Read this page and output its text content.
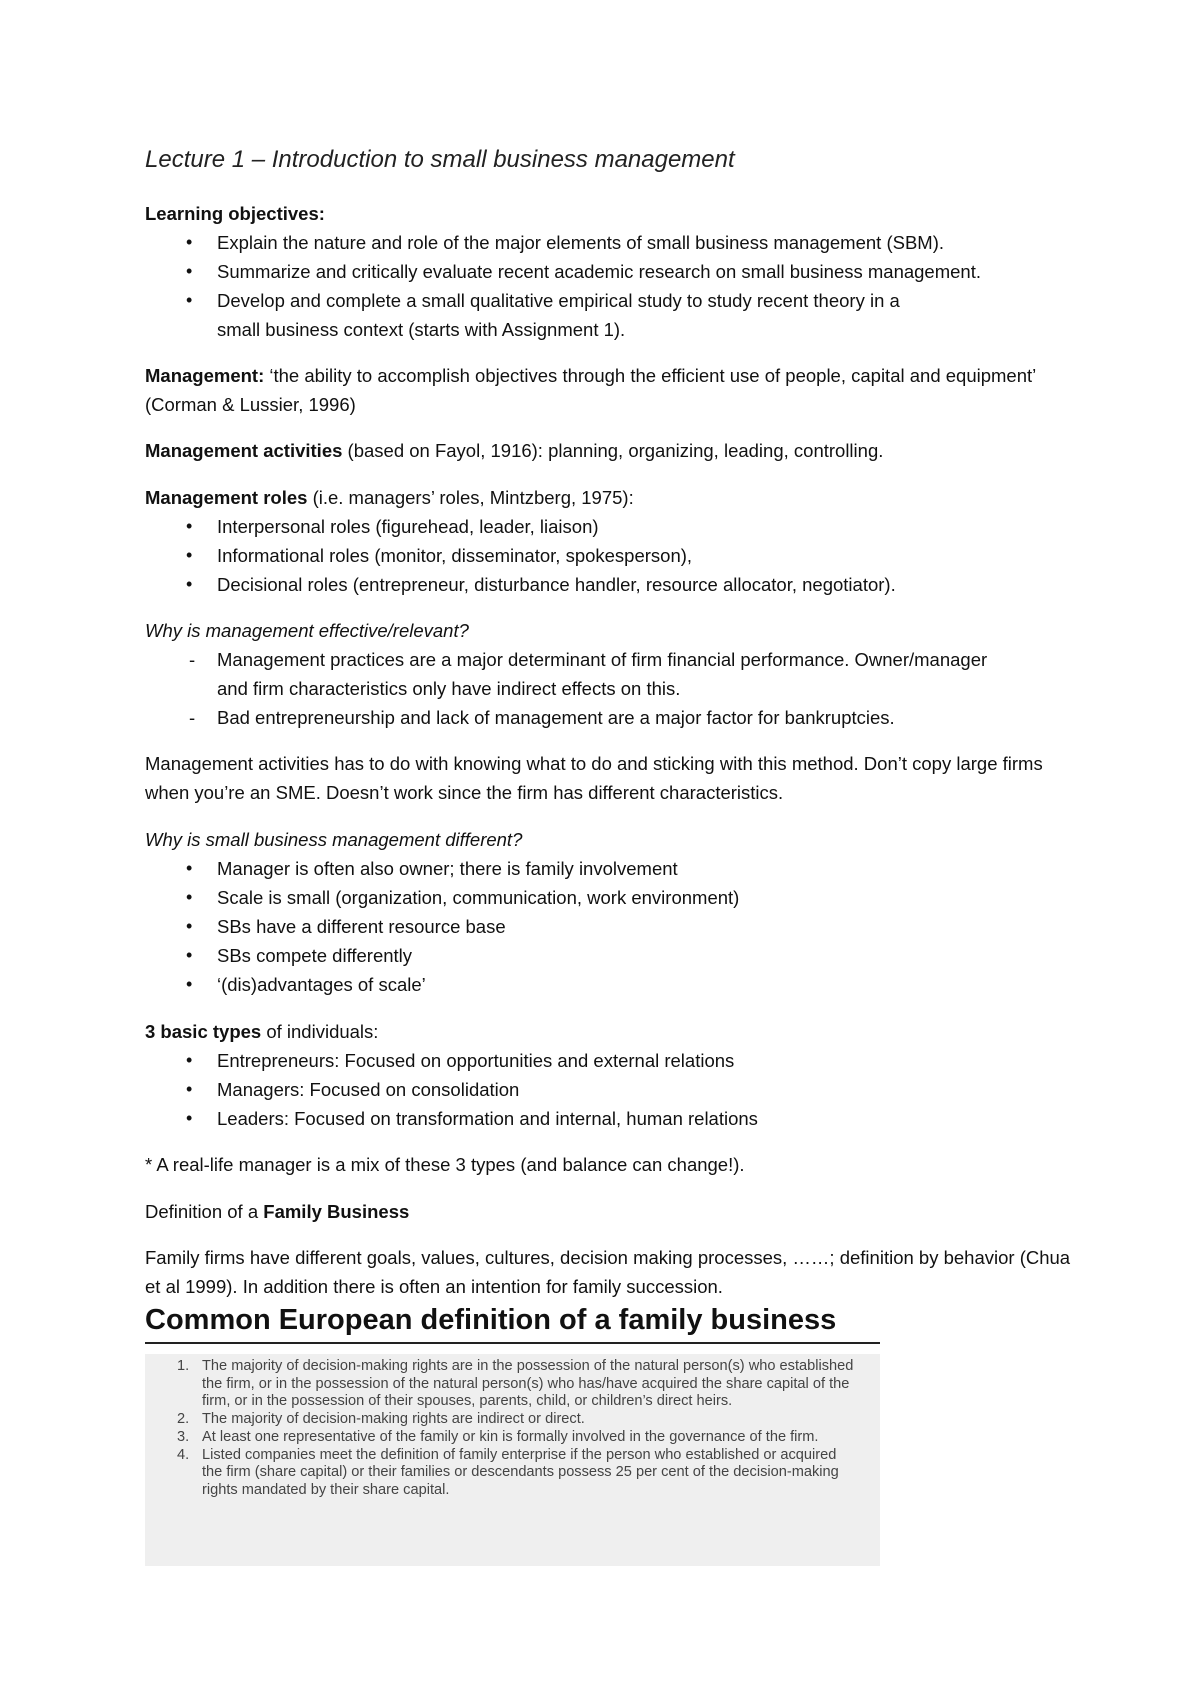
Lecture 1 – Introduction to small business management

Learning objectives:

• Explain the nature and role of the major elements of small business management (SBM).
• Summarize and critically evaluate recent academic research on small business management.
• Develop and complete a small qualitative empirical study to study recent theory in a small business context (starts with Assignment 1).

Management: ‘the ability to accomplish objectives through the efficient use of people, capital and equipment’ (Corman & Lussier, 1996)

Management activities (based on Fayol, 1916): planning, organizing, leading, controlling.

Management roles (i.e. managers’ roles, Mintzberg, 1975):

• Interpersonal roles (figurehead, leader, liaison)
• Informational roles (monitor, disseminator, spokesperson),
• Decisional roles (entrepreneur, disturbance handler, resource allocator, negotiator).

Why is management effective/relevant?

- Management practices are a major determinant of firm financial performance. Owner/manager and firm characteristics only have indirect effects on this.
- Bad entrepreneurship and lack of management are a major factor for bankruptcies.
Management activities has to do with knowing what to do and sticking with this method. Don’t copy large firms when you’re an SME. Doesn’t work since the firm has different characteristics.

Why is small business management different?

• Manager is often also owner; there is family involvement
• Scale is small (organization, communication, work environment)
• SBs have a different resource base
• SBs compete differently
• ‘(dis)advantages of scale’

3 basic types of individuals:

• Entrepreneurs: Focused on opportunities and external relations
• Managers: Focused on consolidation
• Leaders: Focused on transformation and internal, human relations
* A real-life manager is a mix of these 3 types (and balance can change!).

Definition of a Family Business

Family firms have different goals, values, cultures, decision making processes, ……; definition by behavior (Chua et al 1999). In addition there is often an intention for family succession.
Common European definition of a family business
1. The majority of decision-making rights are in the possession of the natural person(s) who established the firm, or in the possession of the natural person(s) who has/have acquired the share capital of the firm, or in the possession of their spouses, parents, child, or children’s direct heirs.
2. The majority of decision-making rights are indirect or direct.
3. At least one representative of the family or kin is formally involved in the governance of the firm.
4. Listed companies meet the definition of family enterprise if the person who established or acquired the firm (share capital) or their families or descendants possess 25 per cent of the decision-making rights mandated by their share capital.
